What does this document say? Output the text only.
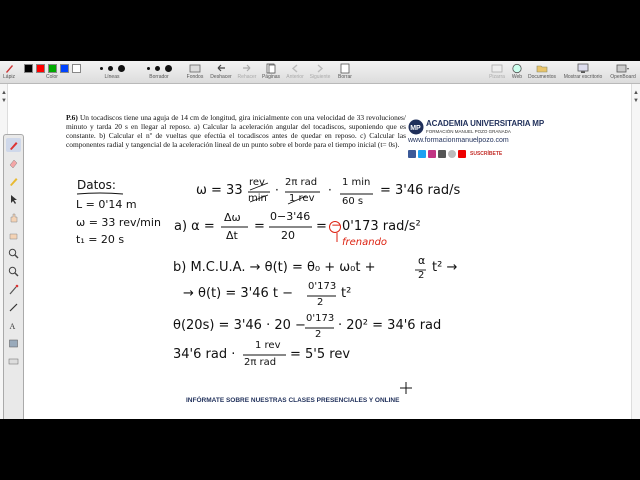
Lápiz	Color	Líneas	Borrador	Fondos	Deshacer	Rehacer	Páginas	Anterior	Siguiente	Borrar	Pizarra	Web	Documentos	Mostrar escritorio	OpenBoard
▲
▼
▲
▼
A
P.6) Un tocadiscos tiene una aguja de 14 cm de longitud, gira inicialmente con una velocidad de 33 revoluciones/ minuto y tarda 20 s en llegar al reposo. a) Calcular la aceleración angular del tocadiscos, suponiendo que es constante. b) Calcular el nº de vueltas que efectúa el tocadiscos antes de quedar en reposo. c) Calcular las componentes radial y tangencial de la aceleración lineal de un punto sobre el borde para el tiempo inicial (t= 0s).
MP
ACADEMIA UNIVERSITARIA MP
FORMACIÓN MANUEL POZO GRANADA
www.formacionmanuelpozo.com
SUSCRÍBETE
Datos:
L = 0'14 m
ω = 33 rev/min
t₁ = 20 s
ω = 33
rev
min
·
2π rad
1 rev
·
1 min
60 s
= 3'46 rad/s
a) α =
Δω
Δt
=
0−3'46
20
= − 0'173 rad/s²
frenando
b) M.C.U.A. → θ(t) = θ₀ + ω₀t +	α
2
t² →
→ θ(t) = 3'46 t − 0'173
2
t²
θ(20s) = 3'46 · 20 − 0'173
2
· 20² = 34'6 rad
34'6 rad ·
1 rev
2π rad
= 5'5 rev
INFÓRMATE SOBRE NUESTRAS CLASES PRESENCIALES Y ONLINE
